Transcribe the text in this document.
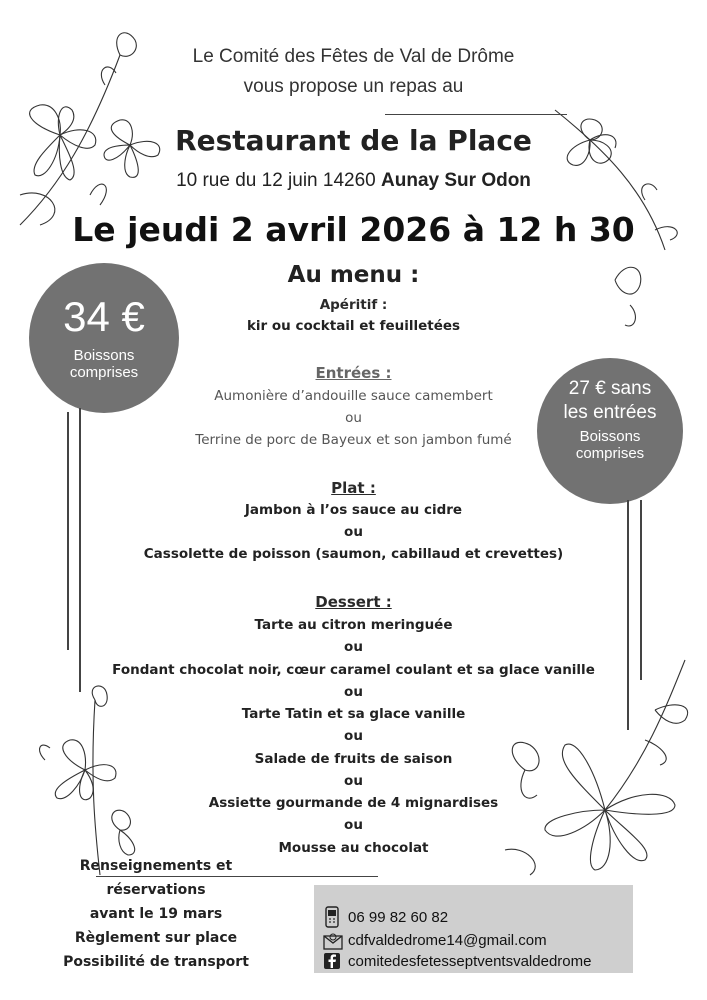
Le Comité des Fêtes de Val de Drôme
vous propose un repas au
Restaurant de la Place
10 rue du 12 juin 14260 Aunay Sur Odon
Le jeudi 2 avril 2026 à 12 h 30
34 €
Boissons
comprises
27 € sans
les entrées
Boissons
comprises
Au menu :
Apéritif :
kir ou cocktail et feuilletées
Entrées :
Aumonière d’andouille sauce camembert
ou
Terrine de porc de Bayeux et son jambon fumé
Plat :
Jambon à l’os sauce au cidre
ou
Cassolette de poisson (saumon, cabillaud et crevettes)
Dessert :
Tarte au citron meringuée
ou
Fondant chocolat noir, cœur caramel coulant et sa glace vanille
ou
Tarte Tatin et sa glace vanille
ou
Salade de fruits de saison
ou
Assiette gourmande de 4 mignardises
ou
Mousse au chocolat
Renseignements et
réservations
avant le 19 mars
Règlement sur place
Possibilité de transport
06 99 82 60 82
cdfvaldedrome14@gmail.com
comitedesfetesseptventsvaldedrome
